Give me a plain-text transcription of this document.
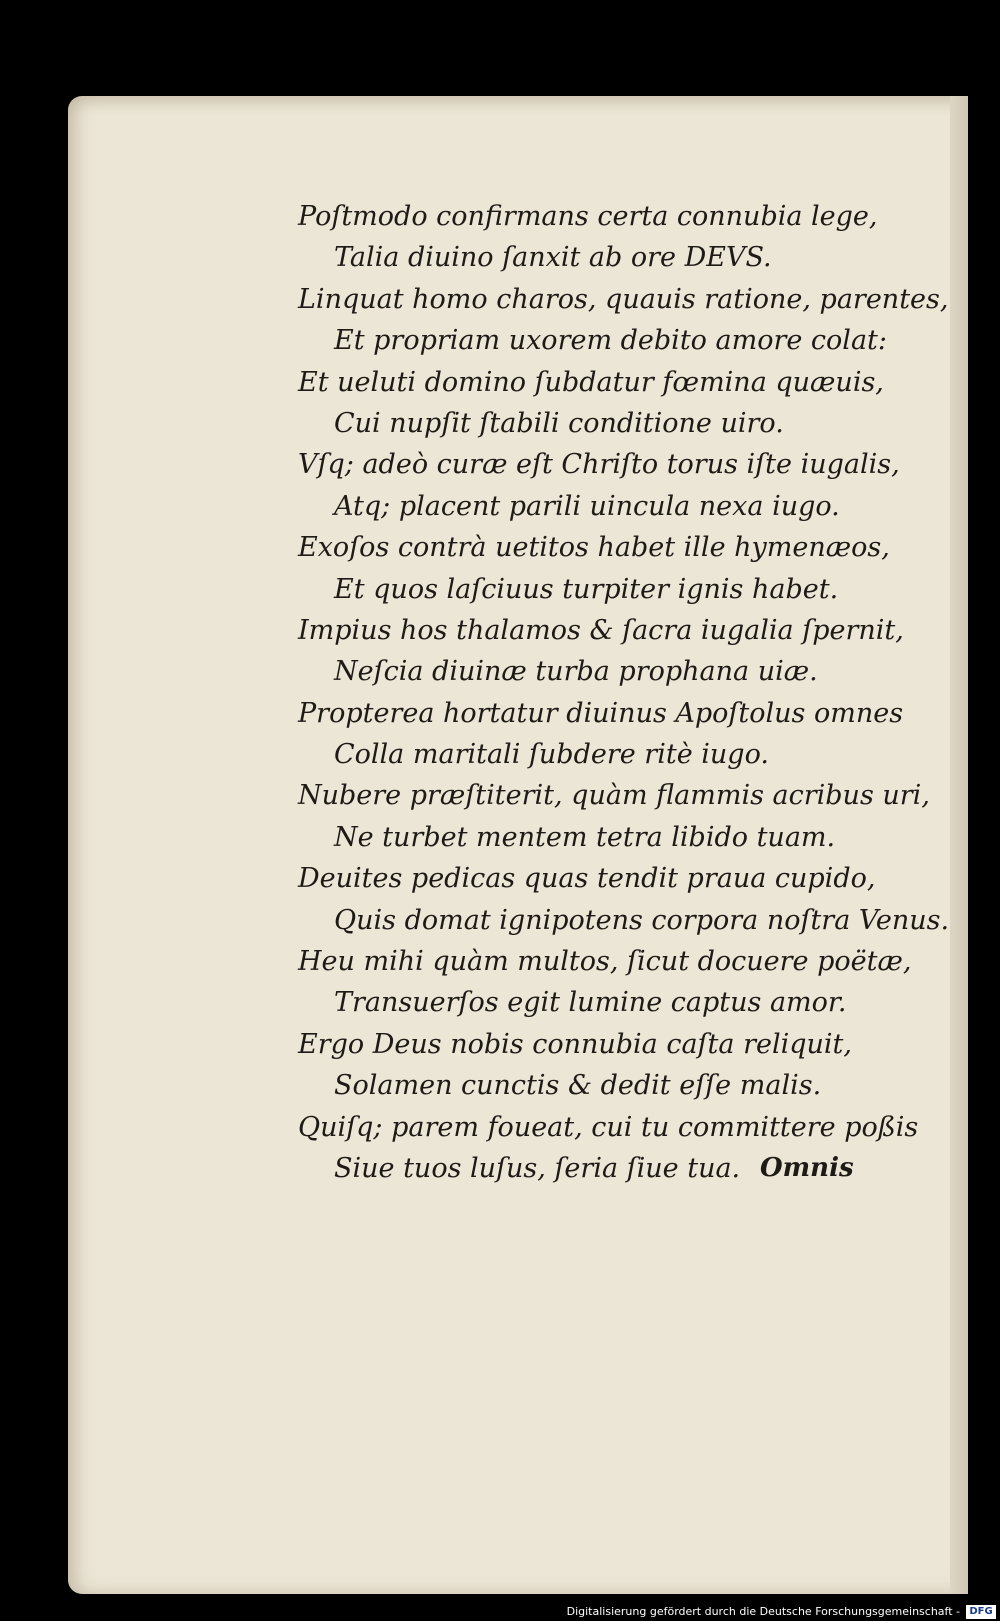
Poſtmodo confirmans certa connubia lege,
Talia diuino ſanxit ab ore DEVS.
Linquat homo charos, quauis ratione, parentes,
Et propriam uxorem debito amore colat:
Et ueluti domino ſubdatur fœmina quæuis,
Cui nupſit ſtabili conditione uiro.
Vſq; adeò curæ eſt Chriſto torus iſte iugalis,
Atq; placent parili uincula nexa iugo.
Exoſos contrà uetitos habet ille hymenæos,
Et quos laſciuus turpiter ignis habet.
Impius hos thalamos & ſacra iugalia ſpernit,
Neſcia diuinæ turba prophana uiæ.
Propterea hortatur diuinus Apoſtolus omnes
Colla maritali ſubdere ritè iugo.
Nubere præſtiterit, quàm flammis acribus uri,
Ne turbet mentem tetra libido tuam.
Deuites pedicas quas tendit praua cupido,
Quis domat ignipotens corpora noſtra Venus.
Heu mihi quàm multos, ſicut docuere poëtæ,
Transuerſos egit lumine captus amor.
Ergo Deus nobis connubia caſta reliquit,
Solamen cunctis & dedit eſſe malis.
Quiſq; parem foueat, cui tu committere poßis
Siue tuos luſus, ſeria ſiue tua. Omnis
Digitalisierung gefördert durch die Deutsche Forschungsgemeinschaft - DFG
